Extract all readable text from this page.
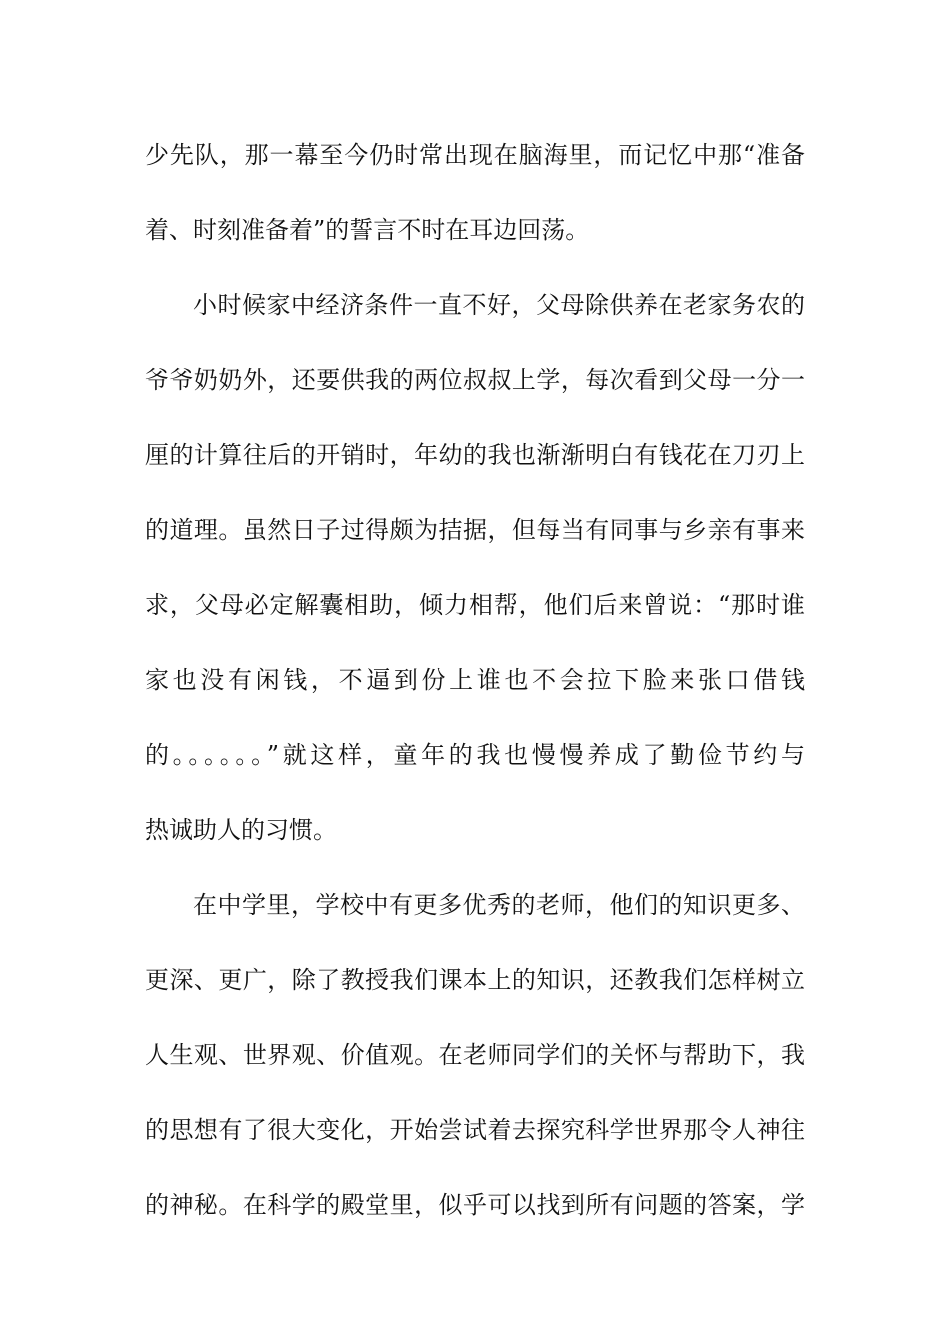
少先队，那一幕至今仍时常出现在脑海里，而记忆中那“准备
着、时刻准备着”的誓言不时在耳边回荡。
小时候家中经济条件一直不好，父母除供养在老家务农的
爷爷奶奶外，还要供我的两位叔叔上学，每次看到父母一分一
厘的计算往后的开销时，年幼的我也渐渐明白有钱花在刀刃上
的道理。虽然日子过得颇为拮据，但每当有同事与乡亲有事来
求，父母必定解囊相助，倾力相帮，他们后来曾说：“那时谁
家也没有闲钱，不逼到份上谁也不会拉下脸来张口借钱
的。。。。。。”就这样，童年的我也慢慢养成了勤俭节约与
热诚助人的习惯。
在中学里，学校中有更多优秀的老师，他们的知识更多、
更深、更广，除了教授我们课本上的知识，还教我们怎样树立
人生观、世界观、价值观。在老师同学们的关怀与帮助下，我
的思想有了很大变化，开始尝试着去探究科学世界那令人神往
的神秘。在科学的殿堂里，似乎可以找到所有问题的答案，学
